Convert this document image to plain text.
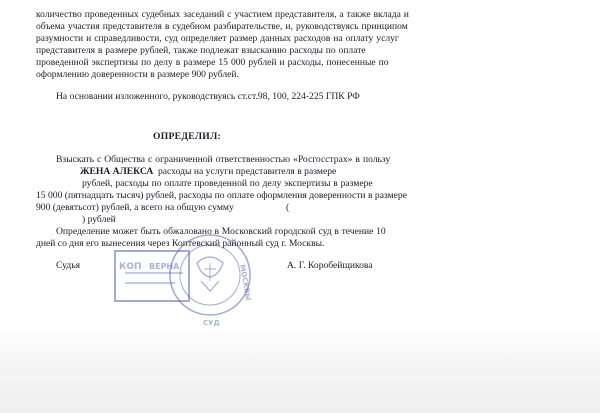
количество проведенных судебных заседаний с участием представителя, а также вклада и
объема участия представителя в судебном разбирательстве, и, руководствуясь принципом
разумности и справедливости, суд определяет размер данных расходов на оплату услуг
представителя в размере рублей, также подлежат взысканию расходы по оплате
проведенной экспертизы по делу в размере 15 000 рублей и расходы, понесенные по
оформлению доверенности в размере 900 рублей.
На основании изложенного, руководствуясь ст.ст.98, 100, 224-225 ГПК РФ
ОПРЕДЕЛИЛ:
Взыскать с Общества с ограниченной ответственностью «Росгосстрах» в пользу
ЖЕНА АЛЕКСА расходы на услуги представителя в размере
рублей, расходы по оплате проведенной по делу экспертизы в размере
15 000 (пятнадцать тысяч) рублей, расходы по оплате оформления доверенности в размере
900 (девятьсот) рублей, а всего на общую сумму	(
) рублей
Определение может быть обжаловано в Московский городской суд в течение 10
дней со дня его вынесения через Коптевский районный суд г. Москвы.
Судья	А. Г. Коробейщикова
КОП ВЕРНА
СУД
МОСКВЫ
